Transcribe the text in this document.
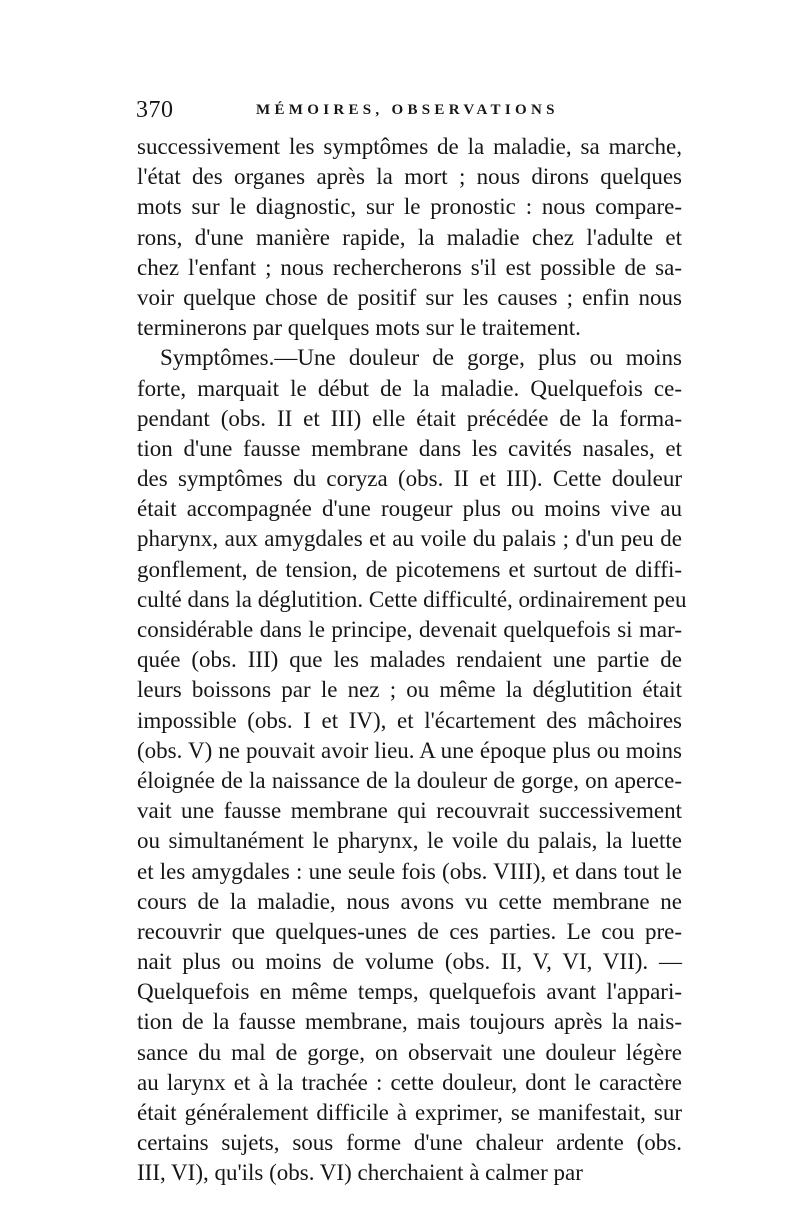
370	MÉMOIRES, OBSERVATIONS
successivement les symptômes de la maladie, sa marche,
l'état des organes après la mort ; nous dirons quelques
mots sur le diagnostic, sur le pronostic : nous compare-
rons, d'une manière rapide, la maladie chez l'adulte et
chez l'enfant ; nous rechercherons s'il est possible de sa-
voir quelque chose de positif sur les causes ; enfin nous
terminerons par quelques mots sur le traitement.
Symptômes.—Une douleur de gorge, plus ou moins
forte, marquait le début de la maladie. Quelquefois ce-
pendant (obs. II et III) elle était précédée de la forma-
tion d'une fausse membrane dans les cavités nasales, et
des symptômes du coryza (obs. II et III). Cette douleur
était accompagnée d'une rougeur plus ou moins vive au
pharynx, aux amygdales et au voile du palais ; d'un peu de
gonflement, de tension, de picotemens et surtout de diffi-
culté dans la déglutition. Cette difficulté, ordinairement peu
considérable dans le principe, devenait quelquefois si mar-
quée (obs. III) que les malades rendaient une partie de
leurs boissons par le nez ; ou même la déglutition était
impossible (obs. I et IV), et l'écartement des mâchoires
(obs. V) ne pouvait avoir lieu. A une époque plus ou moins
éloignée de la naissance de la douleur de gorge, on aperce-
vait une fausse membrane qui recouvrait successivement
ou simultanément le pharynx, le voile du palais, la luette
et les amygdales : une seule fois (obs. VIII), et dans tout le
cours de la maladie, nous avons vu cette membrane ne
recouvrir que quelques-unes de ces parties. Le cou pre-
nait plus ou moins de volume (obs. II, V, VI, VII). —
Quelquefois en même temps, quelquefois avant l'appari-
tion de la fausse membrane, mais toujours après la nais-
sance du mal de gorge, on observait une douleur légère
au larynx et à la trachée : cette douleur, dont le caractère
était généralement difficile à exprimer, se manifestait, sur
certains sujets, sous forme d'une chaleur ardente (obs.
III, VI), qu'ils (obs. VI) cherchaient à calmer par
